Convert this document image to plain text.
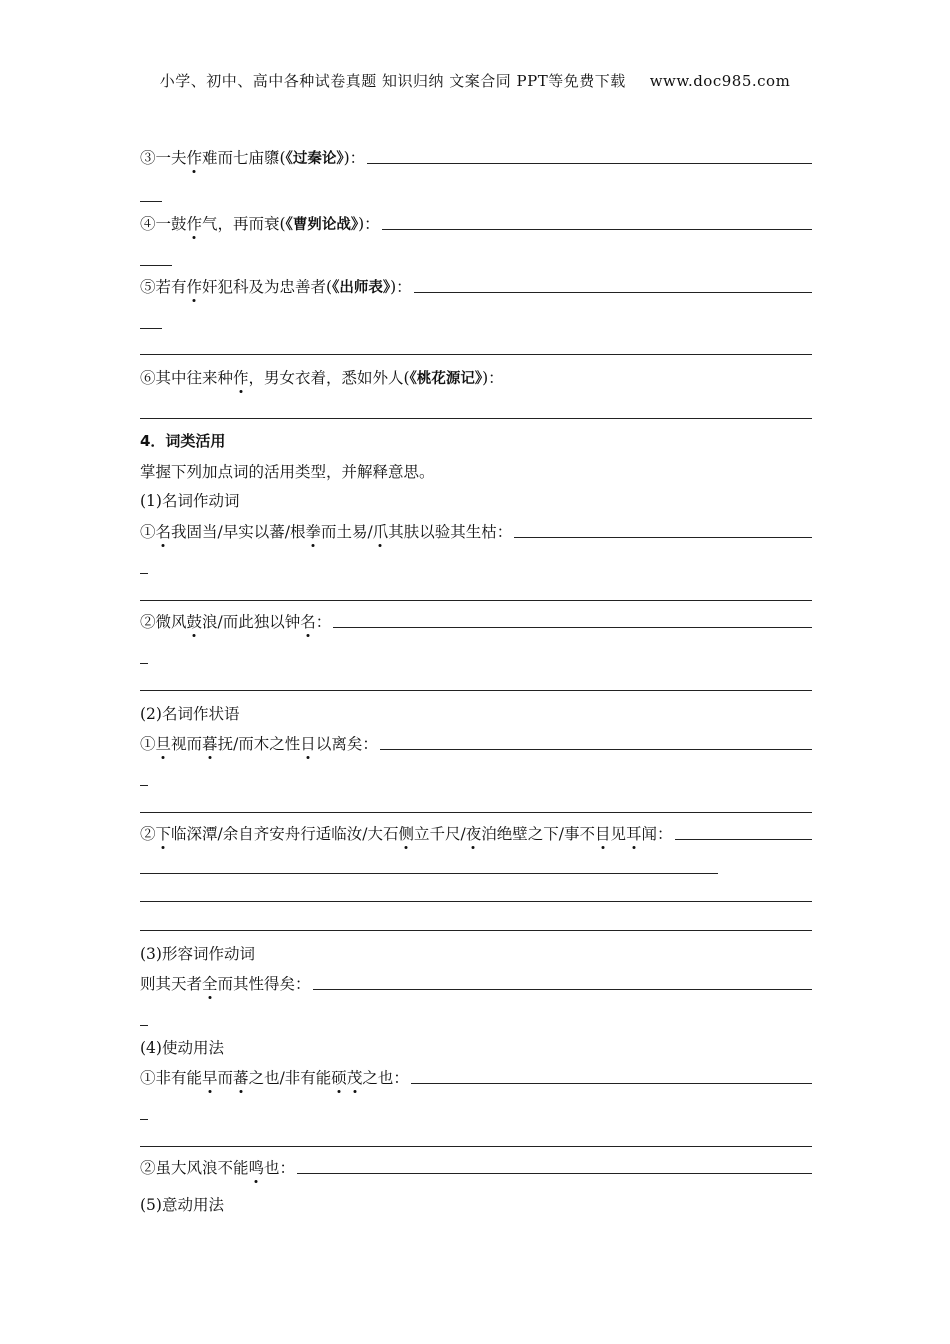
小学、初中、高中各种试卷真题 知识归纳 文案合同 PPT等免费下载 www.doc985.com
③一夫作难而七庙隳(《过秦论》)：
④一鼓作气，再而衰(《曹刿论战》)：
⑤若有作奸犯科及为忠善者(《出师表》)：
⑥其中往来种作，男女衣着，悉如外人(《桃花源记》)：
4．词类活用
掌握下列加点词的活用类型，并解释意思。
(1)名词作动词
①名我固当/早实以蕃/根拳而土易/爪其肤以验其生枯：
②微风鼓浪/而此独以钟名：
(2)名词作状语
①旦视而暮抚/而木之性日以离矣：
②下临深潭/余自齐安舟行适临汝/大石侧立千尺/夜泊绝壁之下/事不目见耳闻：
(3)形容词作动词
则其天者全而其性得矣：
(4)使动用法
①非有能早而蕃之也/非有能硕茂之也：
②虽大风浪不能鸣也：
(5)意动用法
